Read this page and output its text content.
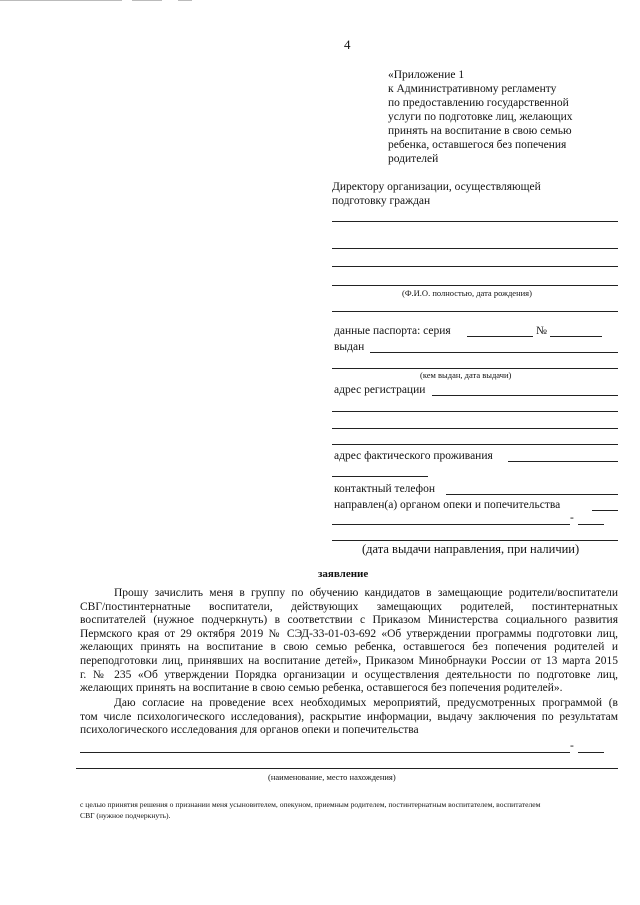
4
«Приложение 1
к Административному регламенту
по предоставлению государственной
услуги по подготовке лиц, желающих
принять на воспитание в свою семью
ребенка, оставшегося без попечения
родителей
Директору организации, осуществляющей
подготовку граждан
(Ф.И.О. полностью, дата рождения)
данные паспорта: серия	№
выдан
(кем выдан, дата выдачи)
адрес регистрации
адрес фактического проживания
контактный телефон
направлен(а) органом опеки и попечительства
-
(дата выдачи направления, при наличии)
заявление
Прошу зачислить меня в группу по обучению кандидатов в замещающие родители/воспитатели
СВГ/постинтернатные воспитатели, действующих замещающих родителей, постинтернатных
воспитателей (нужное подчеркнуть) в соответствии с Приказом Министерства социального развития
Пермского края от 29 октября 2019 № СЭД-33-01-03-692 «Об утверждении программы подготовки лиц,
желающих принять на воспитание в свою семью ребенка, оставшегося без попечения родителей и
переподготовки лиц, принявших на воспитание детей», Приказом Минобрнауки России от 13 марта 2015
г. № 235 «Об утверждении Порядка организации и осуществления деятельности по подготовке лиц,
желающих принять на воспитание в свою семью ребенка, оставшегося без попечения родителей».
Даю согласие на проведение всех необходимых мероприятий, предусмотренных программой (в
том числе психологического исследования), раскрытие информации, выдачу заключения по результатам
психологического исследования для органов опеки и попечительства
-
(наименование, место нахождения)
с целью принятия решения о признании меня усыновителем, опекуном, приемным родителем, постинтернатным воспитателем, воспитателем
СВГ (нужное подчеркнуть).
